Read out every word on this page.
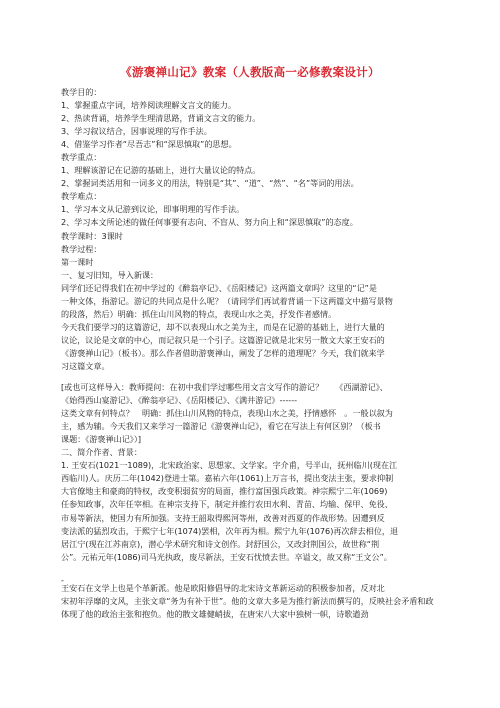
《游褒禅山记》教案（人教版高一必修教案设计）
教学目的：
1、掌握重点字词，培养阅读理解文言文的能力。
2、热读背诵，培养学生理清思路，背诵文言文的能力。
3、学习叙议结合，因事说理的写作手法。
4、借鉴学习作者“尽吾志”和“深思慎取”的思想。
教学重点：
1、理解该游记在记游的基础上，进行大量议论的特点。
2、掌握词类活用和一词多义的用法，特别是“其”、“道”、“然”、“名”等词的用法。
教学难点：
1、学习本文从记游到议论，即事明理的写作手法。
2、学习本文所论述的做任何事要有志向、不盲从、努力向上和“深思慎取”的态度。
教学课时：3课时
教学过程：
第一课时
一、复习旧知，导入新课：
同学们还记得我们在初中学过的《醉翁亭记》、《岳阳楼记》这两篇文章吗？这里的“记”是
一种文体，指游记。游记的共同点是什么呢？（请同学们再试着背诵一下这两篇文中描写景物
的段落，然后）明确：抓住山川风物的特点，表现山水之美，抒发作者感情。
今天我们要学习的这篇游记，却不以表现山水之美为主，而是在记游的基础上，进行大量的
议论，议论是文章的中心，而记叙只是一个引子。这篇游记就是北宋另一散文大家王安石的
《游褒禅山记》（板书）。那么作者借助游褒禅山，阐发了怎样的道理呢？今天，我们就来学
习这篇文章。
[或也可这样导入：教师提问：在初中我们学过哪些用文言文写作的游记？　　《西湖游记》、
《始得西山宴游记》、《醉翁亭记》、《岳阳楼记》、《满井游记》------
这类文章有何特点？　明确：抓住山川风物的特点，表现山水之美，抒情感怀　。一般以叙为
主，感为辅。今天我们又来学习一篇游记《游褒禅山记》，看它在写法上有何区别？（板书
课题：《游褒禅山记》）]
二、简介作者、背景：
1. 王安石(1021一1089)，北宋政治家、思想家、文学家。字介甫，号半山，抚州临川(现在江
西临川)人。庆历二年(1042)登进士第。嘉祐六年(1061)上万言书，提出变法主张，要求抑制
大官僚地主和豪商的特权，改变积弱贫穷的局面，推行富国强兵政策。神宗熙宁二年(1069)
任参知政事，次年任宰相。在神宗支持下，制定并推行农田水利、青苗、均输、保甲、免役、
市易等新法，使国力有所加强。支持王韶取得熙河等州，改善对西夏的作战形势。因遭到反
变法派的猛烈攻击，于熙宁七年(1074)罢相，次年再为相。熙宁九年(1076)再次辞去相位，退
居江宁(现在江苏南京)，潜心学术研究和诗文创作。封舒国公，又改封荆国公，故世称“荆
公”。元祐元年(1086)司马光执政，废尽新法，王安石忧愤去世。卒谥文，故又称“王文公”。
-
王安石在文学上也是个革新派。他是欧阳修倡导的北宋诗文革新运动的积极参加者，反对北
宋初年浮靡的文风，主张文章“务为有补于世”。他的文章大多是为推行新法而撰写的，反映社会矛盾和政
体现了他的政治主张和抱负。他的散文雄健峭拔，在唐宋八大家中独树一帜，诗歌遒劲
